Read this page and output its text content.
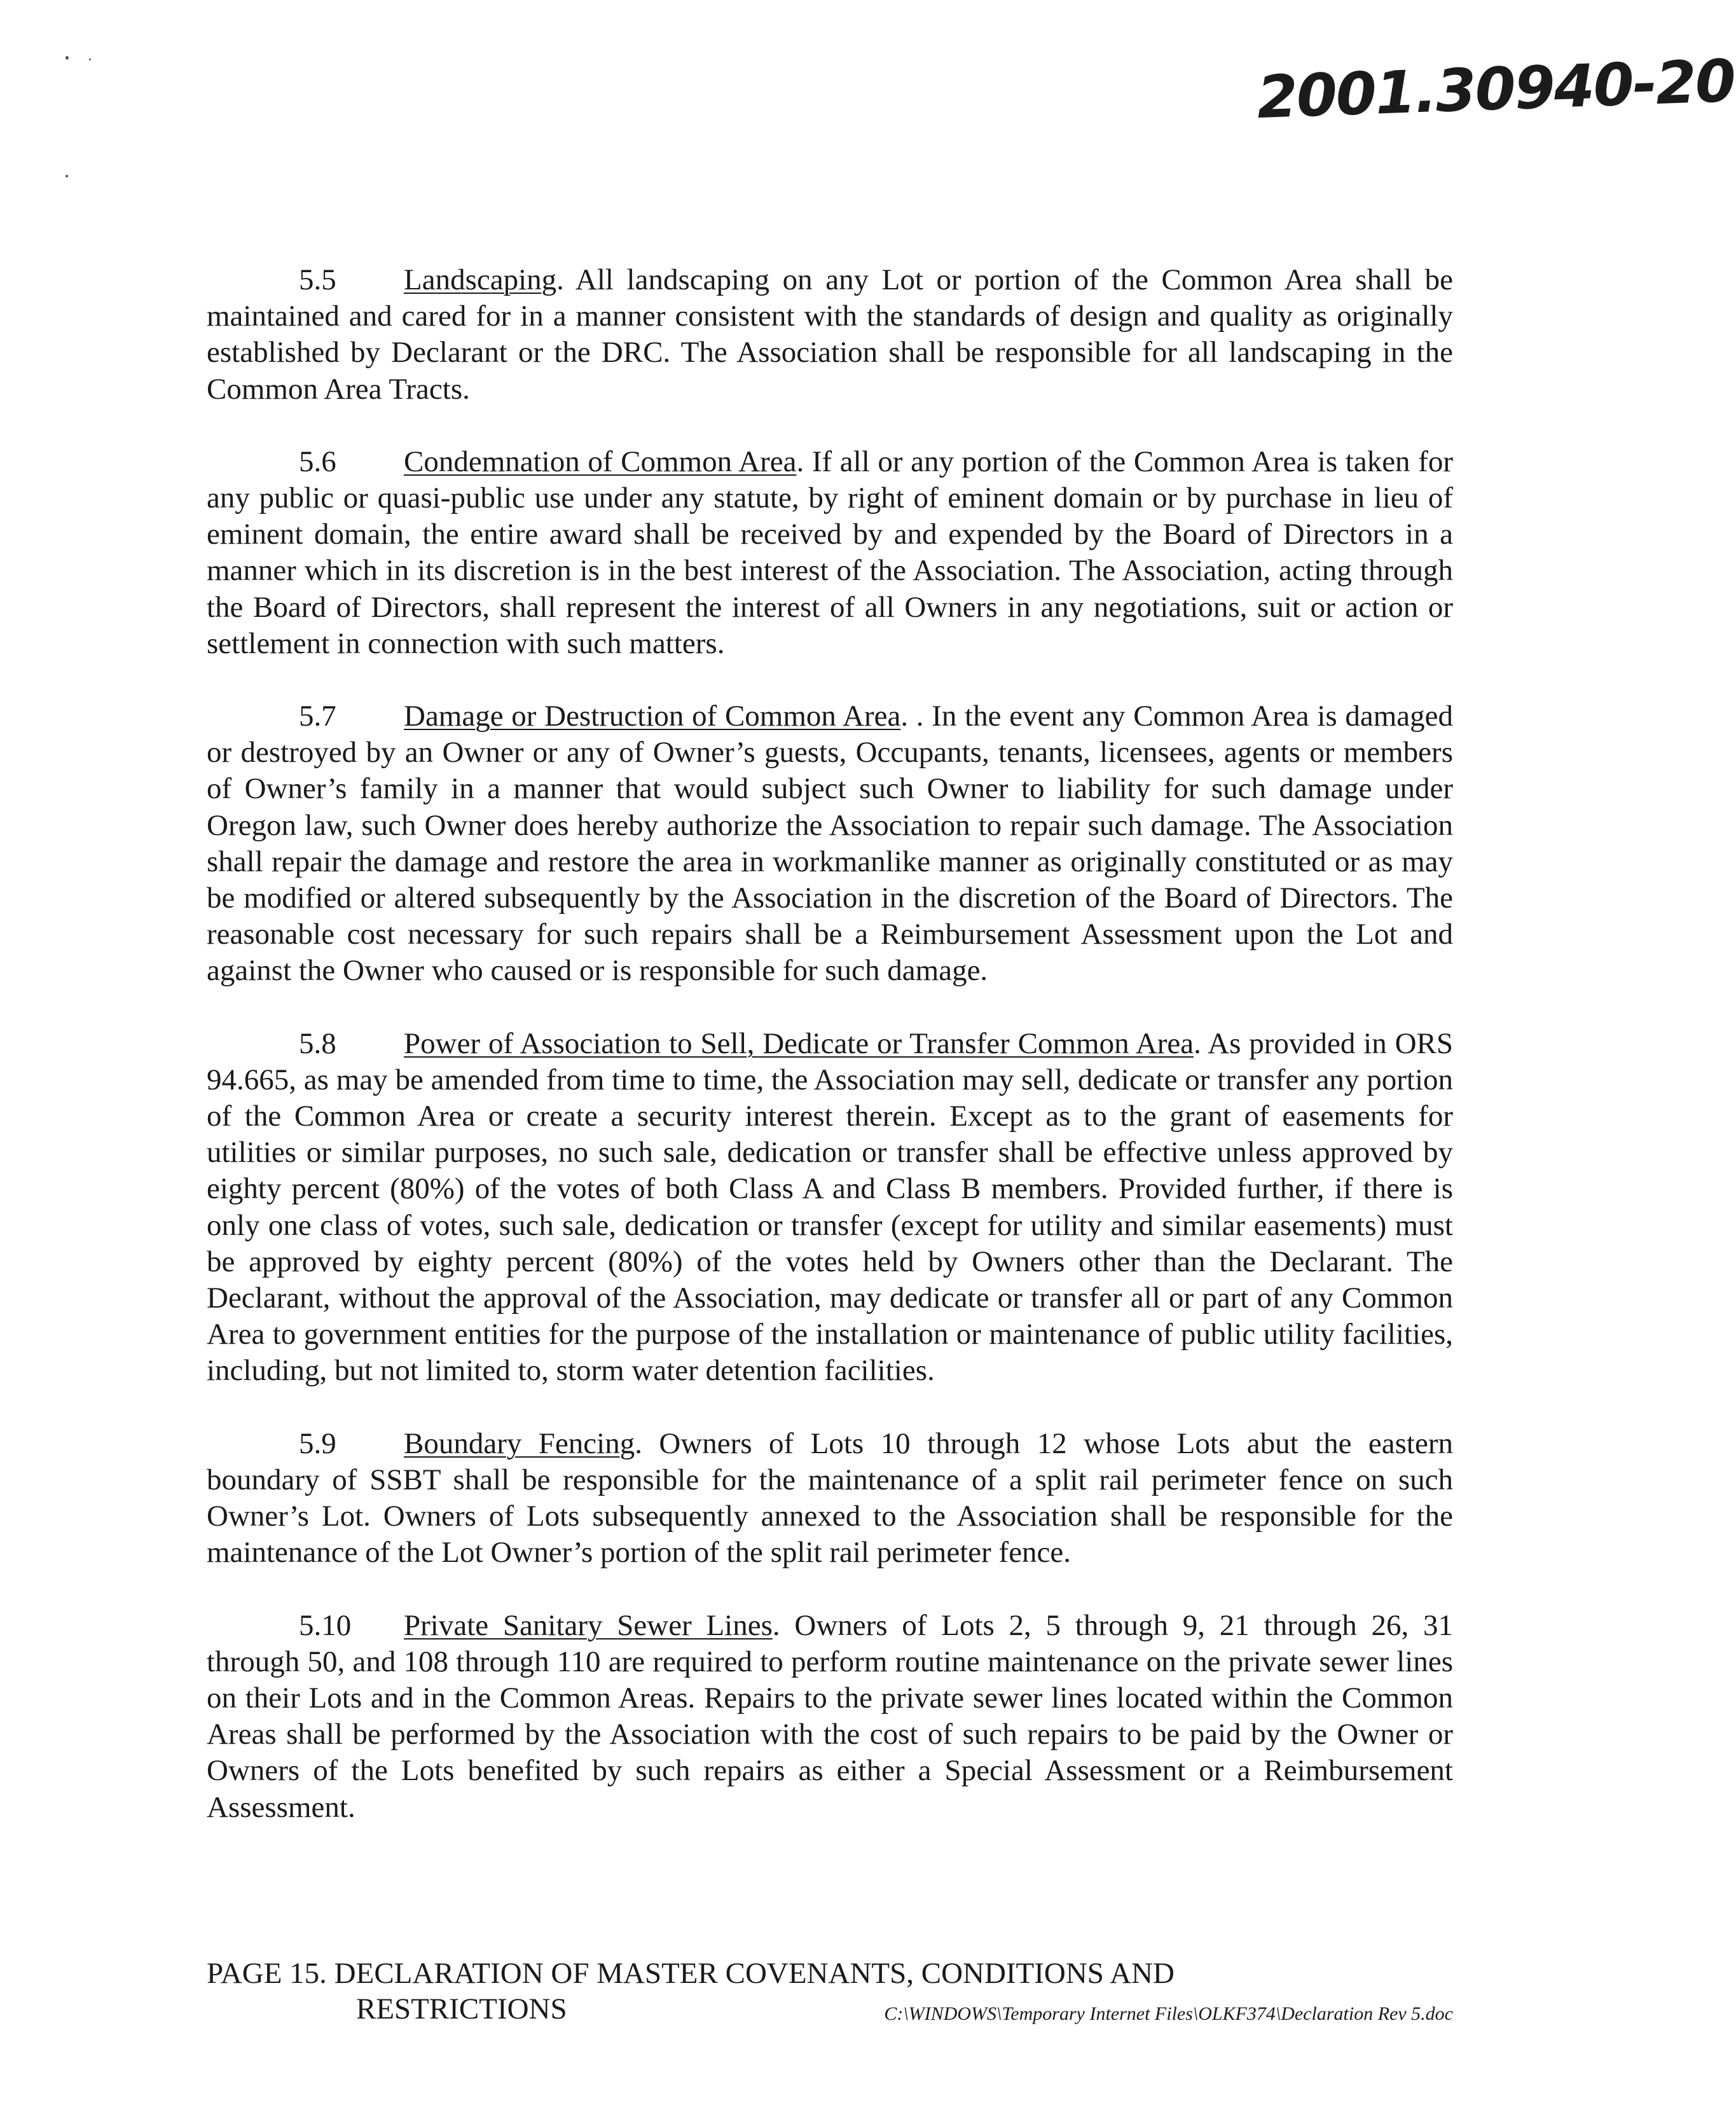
2001.30940-20

5.5 Landscaping. All landscaping on any Lot or portion of the Common Area shall be maintained and cared for in a manner consistent with the standards of design and quality as originally established by Declarant or the DRC. The Association shall be responsible for all landscaping in the Common Area Tracts.

5.6 Condemnation of Common Area. If all or any portion of the Common Area is taken for any public or quasi-public use under any statute, by right of eminent domain or by purchase in lieu of eminent domain, the entire award shall be received by and expended by the Board of Directors in a manner which in its discretion is in the best interest of the Association. The Association, acting through the Board of Directors, shall represent the interest of all Owners in any negotiations, suit or action or settlement in connection with such matters.

5.7 Damage or Destruction of Common Area. . In the event any Common Area is damaged or destroyed by an Owner or any of Owner’s guests, Occupants, tenants, licensees, agents or members of Owner’s family in a manner that would subject such Owner to liability for such damage under Oregon law, such Owner does hereby authorize the Association to repair such damage. The Association shall repair the damage and restore the area in workmanlike manner as originally constituted or as may be modified or altered subsequently by the Association in the discretion of the Board of Directors. The reasonable cost necessary for such repairs shall be a Reimbursement Assessment upon the Lot and against the Owner who caused or is responsible for such damage.

5.8 Power of Association to Sell, Dedicate or Transfer Common Area. As provided in ORS 94.665, as may be amended from time to time, the Association may sell, dedicate or transfer any portion of the Common Area or create a security interest therein. Except as to the grant of easements for utilities or similar purposes, no such sale, dedication or transfer shall be effective unless approved by eighty percent (80%) of the votes of both Class A and Class B members. Provided further, if there is only one class of votes, such sale, dedication or transfer (except for utility and similar easements) must be approved by eighty percent (80%) of the votes held by Owners other than the Declarant. The Declarant, without the approval of the Association, may dedicate or transfer all or part of any Common Area to government entities for the purpose of the installation or maintenance of public utility facilities, including, but not limited to, storm water detention facilities.

5.9 Boundary Fencing. Owners of Lots 10 through 12 whose Lots abut the eastern boundary of SSBT shall be responsible for the maintenance of a split rail perimeter fence on such Owner’s Lot. Owners of Lots subsequently annexed to the Association shall be responsible for the maintenance of the Lot Owner’s portion of the split rail perimeter fence.

5.10 Private Sanitary Sewer Lines. Owners of Lots 2, 5 through 9, 21 through 26, 31 through 50, and 108 through 110 are required to perform routine maintenance on the private sewer lines on their Lots and in the Common Areas. Repairs to the private sewer lines located within the Common Areas shall be performed by the Association with the cost of such repairs to be paid by the Owner or Owners of the Lots benefited by such repairs as either a Special Assessment or a Reimbursement Assessment.

PAGE 15. DECLARATION OF MASTER COVENANTS, CONDITIONS AND
RESTRICTIONS	C:\WINDOWS\Temporary Internet Files\OLKF374\Declaration Rev 5.doc
